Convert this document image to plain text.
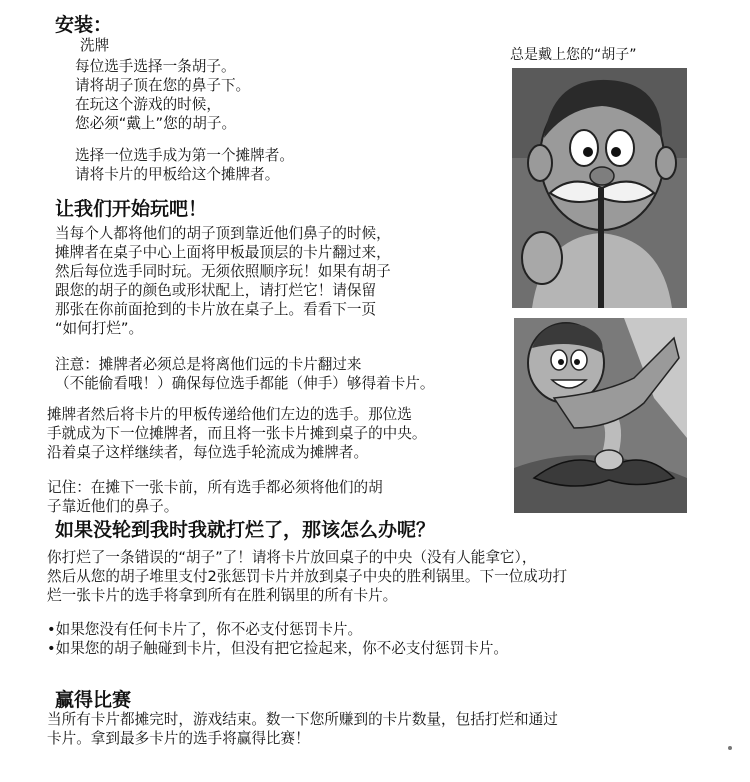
安装：

洗牌

每位选手选择一条胡子。

请将胡子顶在您的鼻子下。

在玩这个游戏的时候，

您必须“戴上”您的胡子。

选择一位选手成为第一个摊牌者。

请将卡片的甲板给这个摊牌者。

总是戴上您的“胡子”
让我们开始玩吧！

当每个人都将他们的胡子顶到靠近他们鼻子的时候，

摊牌者在桌子中心上面将甲板最顶层的卡片翻过来，

然后每位选手同时玩。无须依照顺序玩！如果有胡子

跟您的胡子的颜色或形状配上，请打烂它！请保留

那张在你前面抢到的卡片放在桌子上。看看下一页

“如何打烂”。

注意：摊牌者必须总是将离他们远的卡片翻过来

（不能偷看哦！）确保每位选手都能（伸手）够得着卡片。

摊牌者然后将卡片的甲板传递给他们左边的选手。那位选

手就成为下一位摊牌者，而且将一张卡片摊到桌子的中央。

沿着桌子这样继续者，每位选手轮流成为摊牌者。

记住：在摊下一张卡前，所有选手都必须将他们的胡

子靠近他们的鼻子。

如果没轮到我时我就打烂了，那该怎么办呢？

你打烂了一条错误的“胡子”了！请将卡片放回桌子的中央（没有人能拿它），

然后从您的胡子堆里支付2张惩罚卡片并放到桌子中央的胜利锅里。下一位成功打

烂一张卡片的选手将拿到所有在胜利锅里的所有卡片。

•如果您没有任何卡片了，你不必支付惩罚卡片。

•如果您的胡子触碰到卡片，但没有把它捡起来，你不必支付惩罚卡片。

赢得比赛

当所有卡片都摊完时，游戏结束。数一下您所赚到的卡片数量，包括打烂和通过

卡片。拿到最多卡片的选手将赢得比赛！
